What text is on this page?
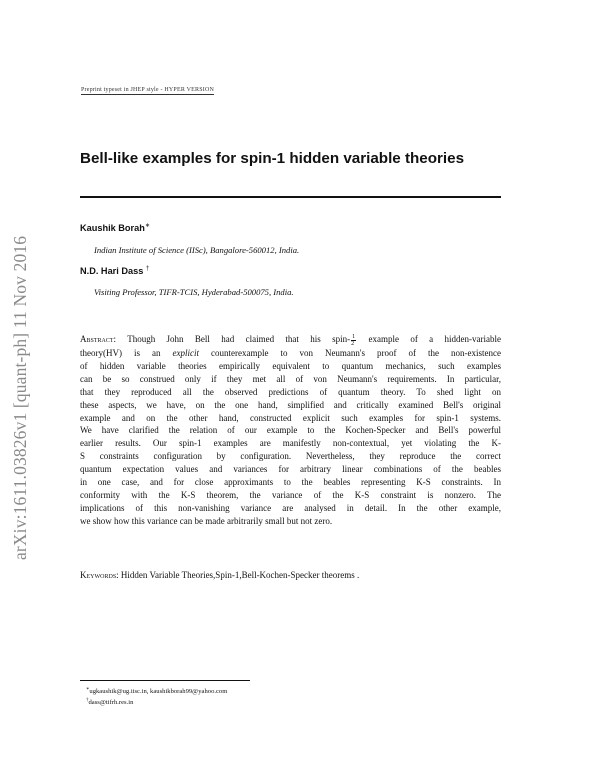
arXiv:1611.03826v1 [quant-ph] 11 Nov 2016
Preprint typeset in JHEP style - HYPER VERSION
Bell-like examples for spin-1 hidden variable theories
Kaushik Borah∗
Indian Institute of Science (IISc), Bangalore-560012, India.
N.D. Hari Dass †
Visiting Professor, TIFR-TCIS, Hyderabad-500075, India.
Abstract: Though John Bell had claimed that his spin- $\frac{1}{2}$ example of a hidden-variable
theory(HV) is an explicit counterexample to von Neumann's proof of the non-existence
of hidden variable theories empirically equivalent to quantum mechanics, such examples
can be so construed only if they met all of von Neumann's requirements. In particular,
that they reproduced all the observed predictions of quantum theory. To shed light on
these aspects, we have, on the one hand, simplified and critically examined Bell's original
example and on the other hand, constructed explicit such examples for spin-1 systems.
We have clarified the relation of our example to the Kochen-Specker and Bell's powerful
earlier results. Our spin-1 examples are manifestly non-contextual, yet violating the K-
S constraints configuration by configuration. Nevertheless, they reproduce the correct
quantum expectation values and variances for arbitrary linear combinations of the beables
in one case, and for close approximants to the beables representing K-S constraints. In
conformity with the K-S theorem, the variance of the K-S constraint is nonzero. The
implications of this non-vanishing variance are analysed in detail. In the other example,
we show how this variance can be made arbitrarily small but not zero.
Keywords: Hidden Variable Theories,Spin-1,Bell-Kochen-Specker theorems .
∗ugkaushik@ug.iisc.in, kaushikborah99@yahoo.com
†dass@tifrh.res.in
